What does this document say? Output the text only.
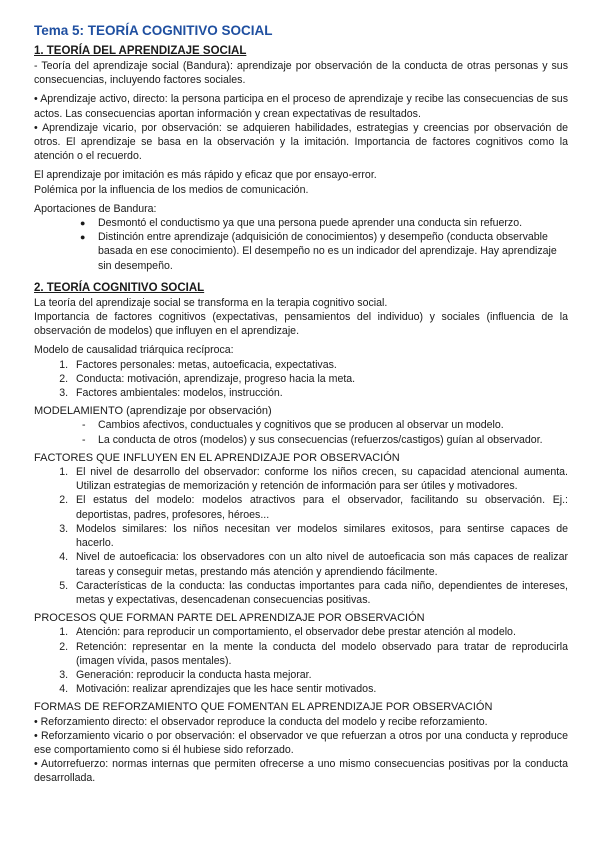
Tema 5: TEORÍA COGNITIVO SOCIAL

1. TEORÍA DEL APRENDIZAJE SOCIAL

- Teoría del aprendizaje social (Bandura): aprendizaje por observación de la conducta de otras personas y sus consecuencias, incluyendo factores sociales.

• Aprendizaje activo, directo: la persona participa en el proceso de aprendizaje y recibe las consecuencias de sus actos. Las consecuencias aportan información y crean expectativas de resultados.

• Aprendizaje vicario, por observación: se adquieren habilidades, estrategias y creencias por observación de otros. El aprendizaje se basa en la observación y la imitación. Importancia de factores cognitivos como la atención o el recuerdo.

El aprendizaje por imitación es más rápido y eficaz que por ensayo-error.

Polémica por la influencia de los medios de comunicación.

Aportaciones de Bandura:

● Desmontó el conductismo ya que una persona puede aprender una conducta sin refuerzo.
● Distinción entre aprendizaje (adquisición de conocimientos) y desempeño (conducta observable basada en ese conocimiento). El desempeño no es un indicador del aprendizaje. Hay aprendizaje sin desempeño.

2. TEORÍA COGNITIVO SOCIAL

La teoría del aprendizaje social se transforma en la terapia cognitivo social.

Importancia de factores cognitivos (expectativas, pensamientos del individuo) y sociales (influencia de la observación de modelos) que influyen en el aprendizaje.

Modelo de causalidad triárquica recíproca:

1. Factores personales: metas, autoeficacia, expectativas.
2. Conducta: motivación, aprendizaje, progreso hacia la meta.
3. Factores ambientales: modelos, instrucción.

MODELAMIENTO (aprendizaje por observación)

- Cambios afectivos, conductuales y cognitivos que se producen al observar un modelo.
- La conducta de otros (modelos) y sus consecuencias (refuerzos/castigos) guían al observador.

FACTORES QUE INFLUYEN EN EL APRENDIZAJE POR OBSERVACIÓN

1. El nivel de desarrollo del observador: conforme los niños crecen, su capacidad atencional aumenta. Utilizan estrategias de memorización y retención de información para ser útiles y motivadores.
2. El estatus del modelo: modelos atractivos para el observador, facilitando su observación. Ej.: deportistas, padres, profesores, héroes...
3. Modelos similares: los niños necesitan ver modelos similares exitosos, para sentirse capaces de hacerlo.
4. Nivel de autoeficacia: los observadores con un alto nivel de autoeficacia son más capaces de realizar tareas y conseguir metas, prestando más atención y aprendiendo fácilmente.
5. Características de la conducta: las conductas importantes para cada niño, dependientes de intereses, metas y expectativas, desencadenan consecuencias positivas.

PROCESOS QUE FORMAN PARTE DEL APRENDIZAJE POR OBSERVACIÓN

1. Atención: para reproducir un comportamiento, el observador debe prestar atención al modelo.
2. Retención: representar en la mente la conducta del modelo observado para tratar de reproducirla (imagen vívida, pasos mentales).
3. Generación: reproducir la conducta hasta mejorar.
4. Motivación: realizar aprendizajes que les hace sentir motivados.

FORMAS DE REFORZAMIENTO QUE FOMENTAN EL APRENDIZAJE POR OBSERVACIÓN

• Reforzamiento directo: el observador reproduce la conducta del modelo y recibe reforzamiento.

• Reforzamiento vicario o por observación: el observador ve que refuerzan a otros por una conducta y reproduce ese comportamiento como si él hubiese sido reforzado.

• Autorrefuerzo: normas internas que permiten ofrecerse a uno mismo consecuencias positivas por la conducta desarrollada.
